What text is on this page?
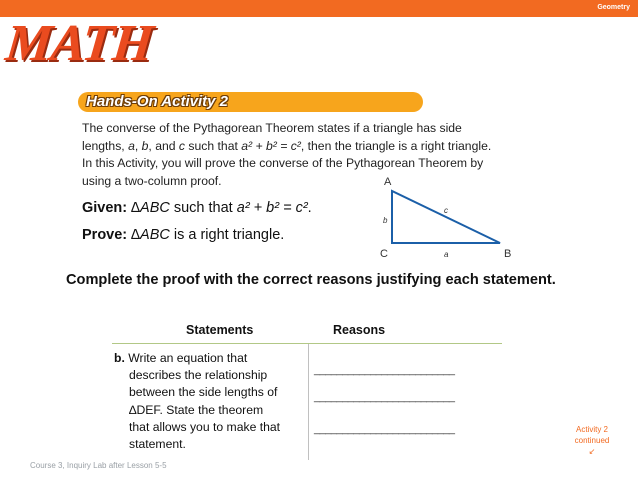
Geometry
MATH
Hands-On Activity 2
The converse of the Pythagorean Theorem states if a triangle has side
lengths, a, b, and c such that a² + b² = c², then the triangle is a right triangle.
In this Activity, you will prove the converse of the Pythagorean Theorem by
using a two-column proof.
Given: ∆ABC such that a² + b² = c².
Prove: ∆ABC is a right triangle.
A
C	B
b
c
a
Complete the proof with the correct reasons justifying each statement.
Statements	Reasons
b. Write an equation that
describes the relationship
between the side lengths of
∆DEF. State the theorem
that allows you to make that
statement.
_________________________
_________________________
_________________________
Course 3, Inquiry Lab after Lesson 5-5
Activity 2
continued
↙
